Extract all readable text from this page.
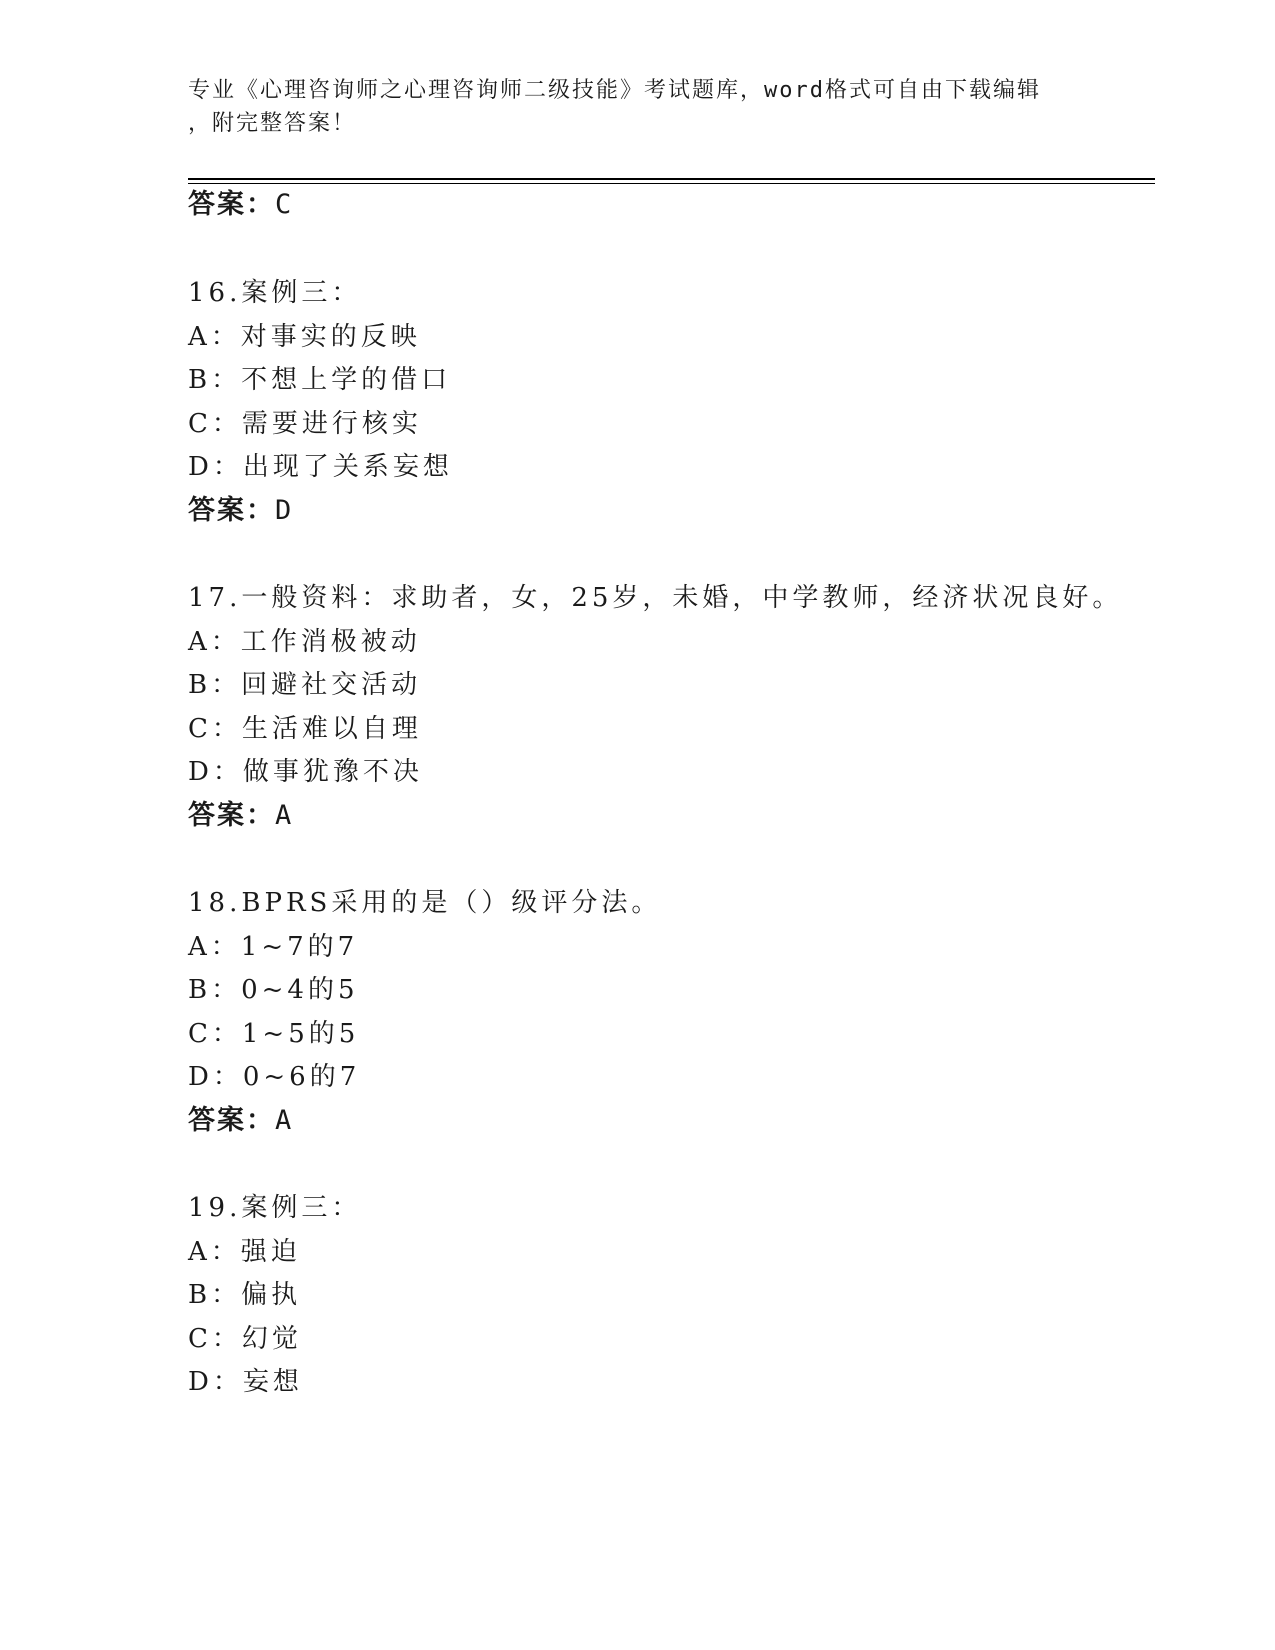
专业《心理咨询师之心理咨询师二级技能》考试题库，word格式可自由下载编辑
，附完整答案！
答案：C
16.案例三：
A：对事实的反映
B：不想上学的借口
C：需要进行核实
D：出现了关系妄想
答案：D
17.一般资料：求助者，女，25岁，未婚，中学教师，经济状况良好。
A：工作消极被动
B：回避社交活动
C：生活难以自理
D：做事犹豫不决
答案：A
18.BPRS采用的是（）级评分法。
A：1~7的7
B：0~4的5
C：1~5的5
D：0~6的7
答案：A
19.案例三：
A：强迫
B：偏执
C：幻觉
D：妄想
